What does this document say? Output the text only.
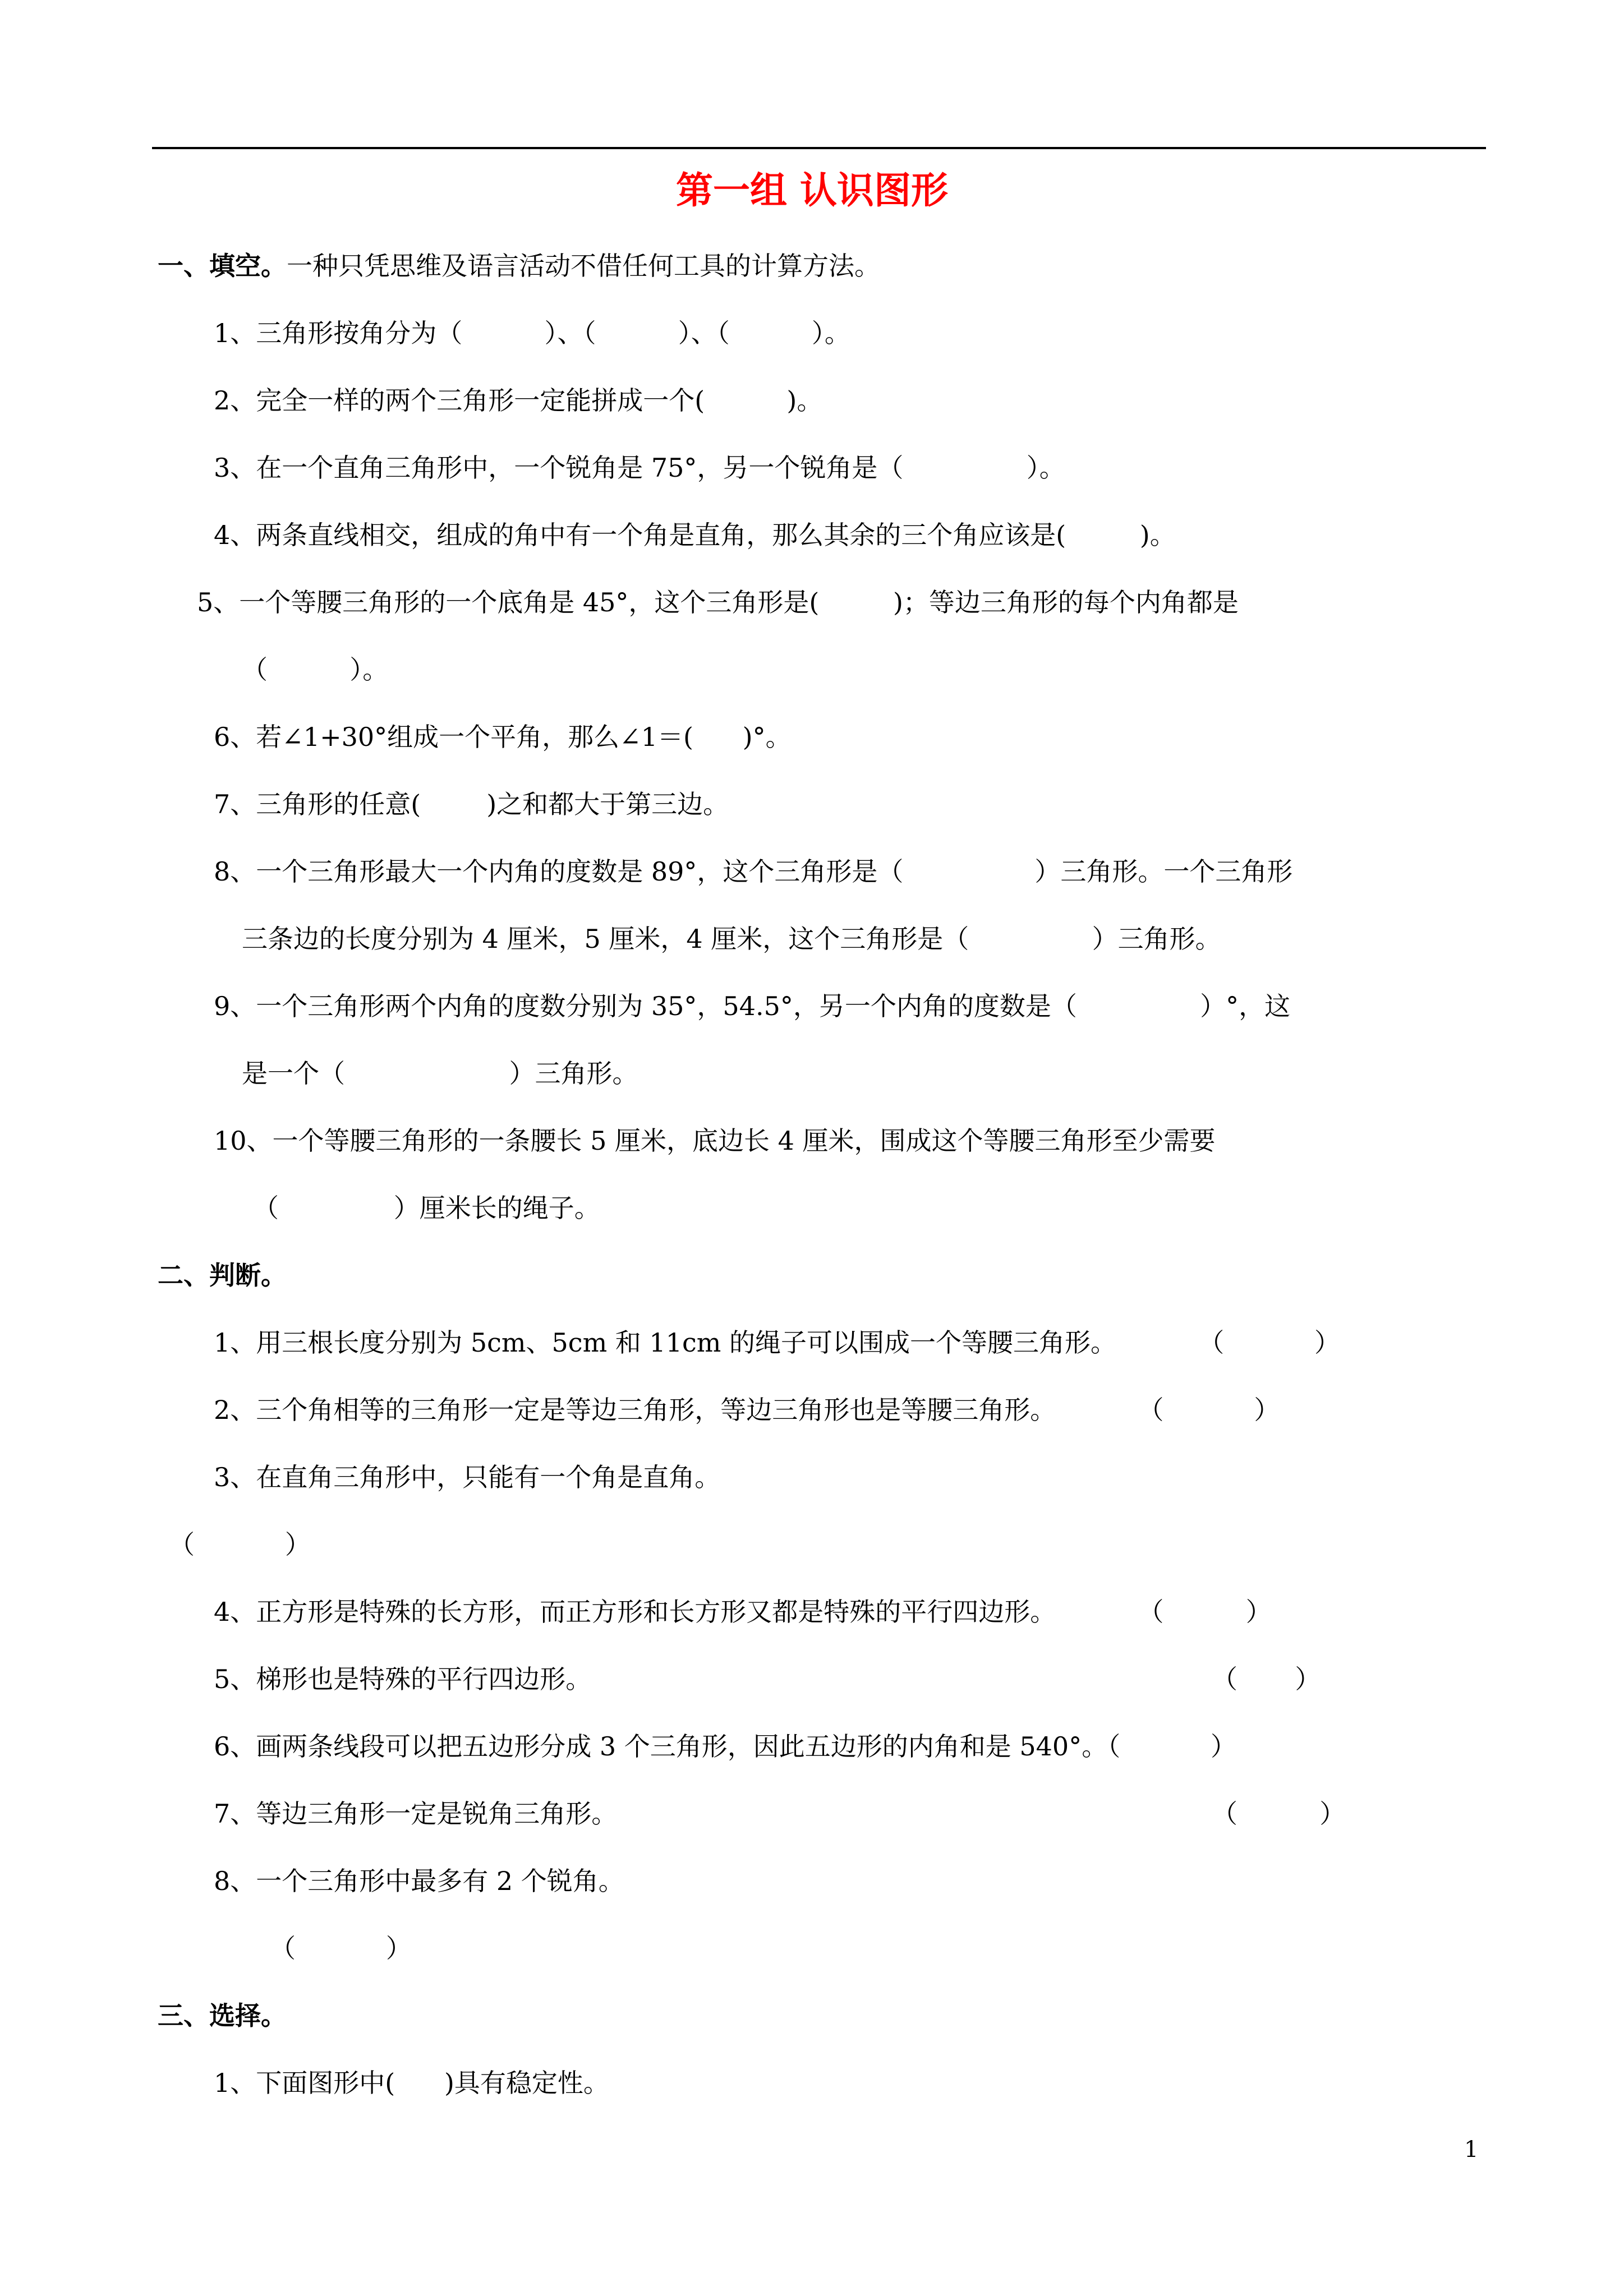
第一组 认识图形
一、填空。一种只凭思维及语言活动不借任何工具的计算方法。
1、三角形按角分为（          ）、（          ）、（          ）。
2、完全一样的两个三角形一定能拼成一个(          )。
3、在一个直角三角形中，一个锐角是 75°，另一个锐角是（               ）。
4、两条直线相交，组成的角中有一个角是直角，那么其余的三个角应该是(         )。
5、一个等腰三角形的一个底角是 45°，这个三角形是(         )；等边三角形的每个内角都是
（          ）。
6、若∠1+30°组成一个平角，那么∠1＝(      )°。
7、三角形的任意(        )之和都大于第三边。
8、一个三角形最大一个内角的度数是 89°，这个三角形是（                ）三角形。一个三角形
三条边的长度分别为 4 厘米，5 厘米，4 厘米，这个三角形是（               ）三角形。
9、一个三角形两个内角的度数分别为 35°，54.5°，另一个内角的度数是（               ）°，这
是一个（                    ）三角形。
10、一个等腰三角形的一条腰长 5 厘米，底边长 4 厘米，围成这个等腰三角形至少需要
（              ）厘米长的绳子。
二、判断。
1、用三根长度分别为 5cm、5cm 和 11cm 的绳子可以围成一个等腰三角形。          （           ）
2、三个角相等的三角形一定是等边三角形，等边三角形也是等腰三角形。          （           ）
3、在直角三角形中，只能有一个角是直角。
（           ）
4、正方形是特殊的长方形，而正方形和长方形又都是特殊的平行四边形。          （          ）
5、梯形也是特殊的平行四边形。	（       ）
6、画两条线段可以把五边形分成 3 个三角形，因此五边形的内角和是 540°。（           ）
7、等边三角形一定是锐角三角形。	（          ）
8、一个三角形中最多有 2 个锐角。
（           ）
三、选择。
1、下面图形中(      )具有稳定性。
1
